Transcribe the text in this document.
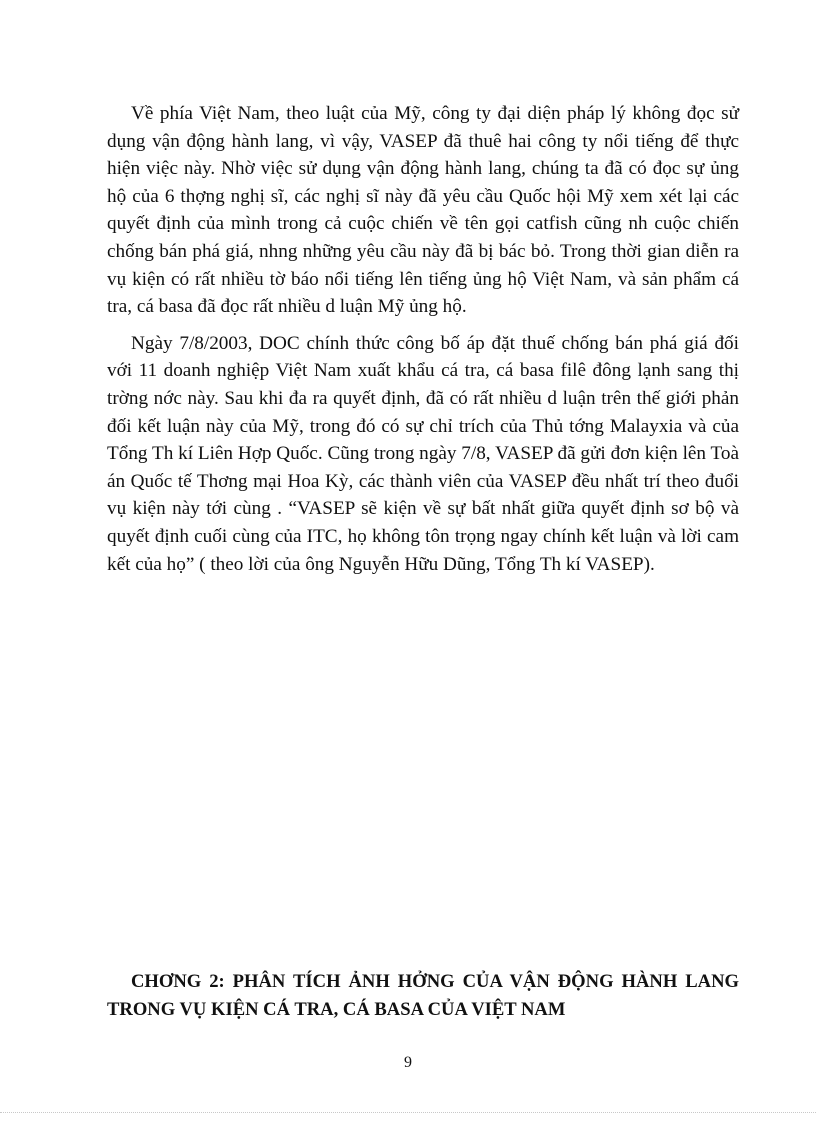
Về phía Việt Nam, theo luật của Mỹ, công ty đại diện pháp lý không đọc sử dụng vận động hành lang, vì vậy, VASEP đã thuê hai công ty nổi tiếng để thực hiện việc này. Nhờ việc sử dụng vận động hành lang, chúng ta đã có đọc sự ủng hộ của 6 thợng nghị sĩ, các nghị sĩ này đã yêu cầu Quốc hội Mỹ xem xét lại các quyết định của mình trong cả cuộc chiến về tên gọi catfish cũng nh cuộc chiến chống bán phá giá, nhng những yêu cầu này đã bị bác bỏ. Trong thời gian diễn ra vụ kiện có rất nhiều tờ báo nổi tiếng lên tiếng ủng hộ Việt Nam, và sản phẩm cá tra, cá basa đã đọc rất nhiều d luận Mỹ ủng hộ.

Ngày 7/8/2003, DOC chính thức công bố áp đặt thuế chống bán phá giá đối với 11 doanh nghiệp Việt Nam xuất khẩu cá tra, cá basa filê đông lạnh sang thị trờng nớc này. Sau khi đa ra quyết định, đã có rất nhiều d luận trên thế giới phản đối kết luận này của Mỹ, trong đó có sự chỉ trích của Thủ tớng Malayxia và của Tổng Th kí Liên Hợp Quốc. Cũng trong ngày 7/8, VASEP đã gửi đơn kiện lên Toà án Quốc tế Thơng mại Hoa Kỳ, các thành viên của VASEP đều nhất trí theo đuổi vụ kiện này tới cùng . “VASEP sẽ kiện về sự bất nhất giữa quyết định sơ bộ và quyết định cuối cùng của ITC, họ không tôn trọng ngay chính kết luận và lời cam kết của họ” ( theo lời của ông Nguyễn Hữu Dũng, Tổng Th kí VASEP).

CHƠNG 2: PHÂN TÍCH ẢNH HỞNG CỦA VẬN ĐỘNG HÀNH LANG TRONG VỤ KIỆN CÁ TRA, CÁ BASA CỦA VIỆT NAM
9
